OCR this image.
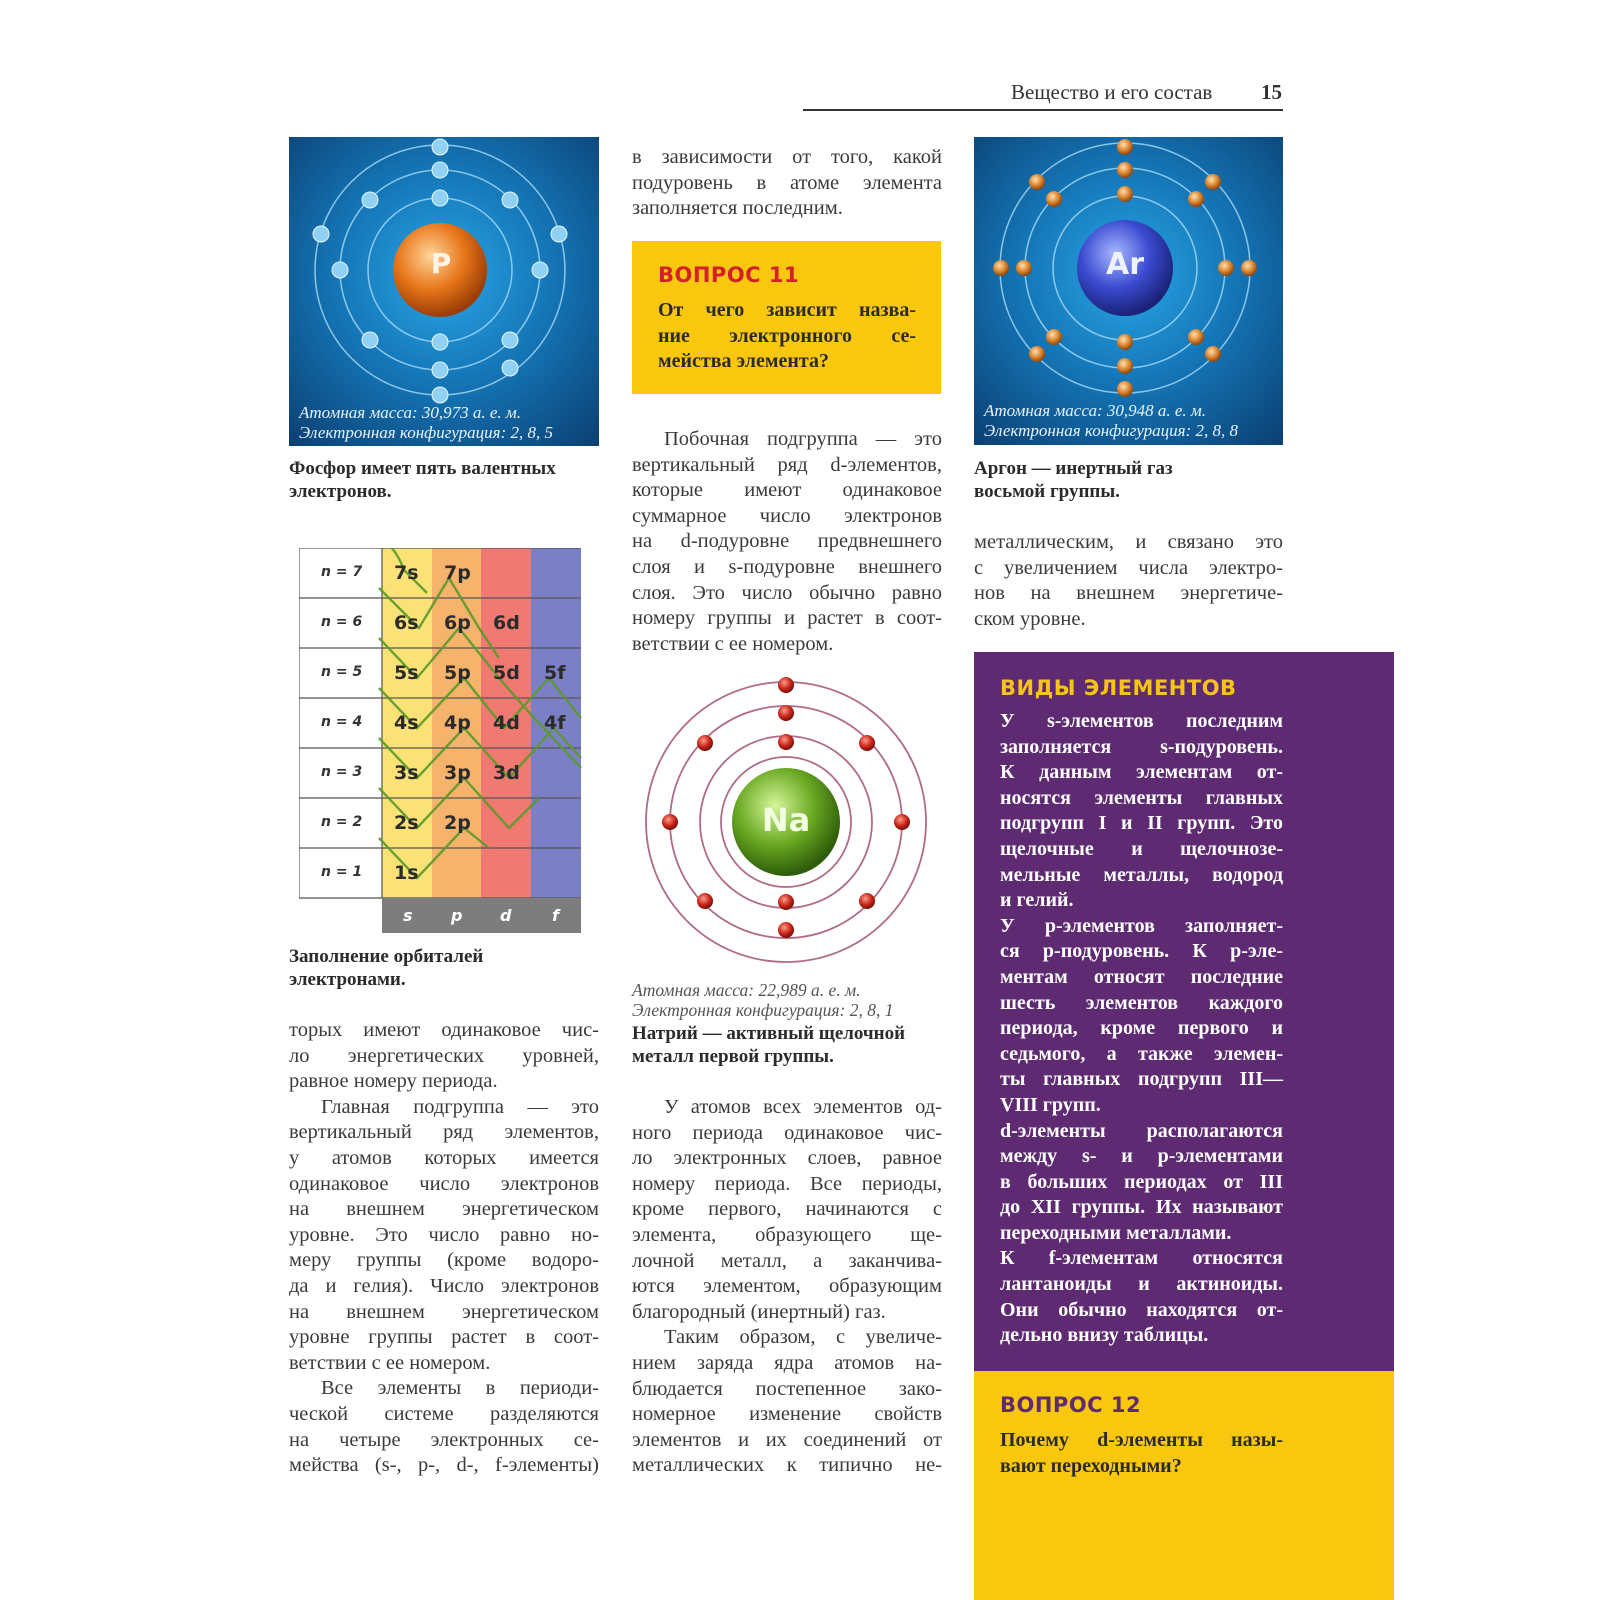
Вещество и его состав 15
P
Атомная масса: 30,973 а. е. м.
Электронная конфигурация: 2, 8, 5
Фосфор имеет пять валентных
электронов.
n = 7
n = 6
n = 5
n = 4
n = 3
n = 2
n = 1
7s 7p
6s 6p 6d
5s 5p 5d 5f
4s 4p 4d 4f
3s 3p 3d
2s 2p
1s
s p d	f
Заполнение орбиталей
электронами.
торых имеют одинаковое чис-
ло энергетических уровней,
равное номеру периода.
Главная подгруппа — это
вертикальный ряд элементов,
у атомов которых имеется
одинаковое число электронов
на внешнем энергетическом
уровне. Это число равно но-
меру группы (кроме водоро-
да и гелия). Число электронов
на внешнем энергетическом
уровне группы растет в соот-
ветствии с ее номером.
Все элементы в периоди-
ческой системе разделяются
на четыре электронных се-
мейства (s-, p-, d-, f-элементы)
в зависимости от того, какой
подуровень в атоме элемента
заполняется последним.
ВОПРОС 11
От чего зависит назва-
ние электронного се-
мейства элемента?
Побочная подгруппа — это
вертикальный ряд d-элементов,
которые имеют одинаковое
суммарное число электронов
на d-подуровне предвнешнего
слоя и s-подуровне внешнего
слоя. Это число обычно равно
номеру группы и растет в соот-
ветствии с ее номером.
Na
Атомная масса: 22,989 а. е. м.
Электронная конфигурация: 2, 8, 1
Натрий — активный щелочной
металл первой группы.
У атомов всех элементов од-
ного периода одинаковое чис-
ло электронных слоев, равное
номеру периода. Все периоды,
кроме первого, начинаются с
элемента, образующего ще-
лочной металл, а заканчива-
ются элементом, образующим
благородный (инертный) газ.
Таким образом, с увеличе-
нием заряда ядра атомов на-
блюдается постепенное зако-
номерное изменение свойств
элементов и их соединений от
металлических к типично не-
Ar
Атомная масса: 30,948 а. е. м.
Электронная конфигурация: 2, 8, 8
Аргон — инертный газ
восьмой группы.
металлическим, и связано это
с увеличением числа электро-
нов на внешнем энергетиче-
ском уровне.
ВИДЫ ЭЛЕМЕНТОВ
У s-элементов последним
заполняется s-подуровень.
К данным элементам от-
носятся элементы главных
подгрупп I и II групп. Это
щелочные и щелочнозе-
мельные металлы, водород
и гелий.
У p-элементов заполняет-
ся p-подуровень. К p-эле-
ментам относят последние
шесть элементов каждого
периода, кроме первого и
седьмого, а также элемен-
ты главных подгрупп III—
VIII групп.
d-элементы располагаются
между s- и p-элементами
в больших периодах от III
до XII группы. Их называют
переходными металлами.
К f-элементам относятся
лантаноиды и актиноиды.
Они обычно находятся от-
дельно внизу таблицы.
ВОПРОС 12
Почему d-элементы назы-
вают переходными?
